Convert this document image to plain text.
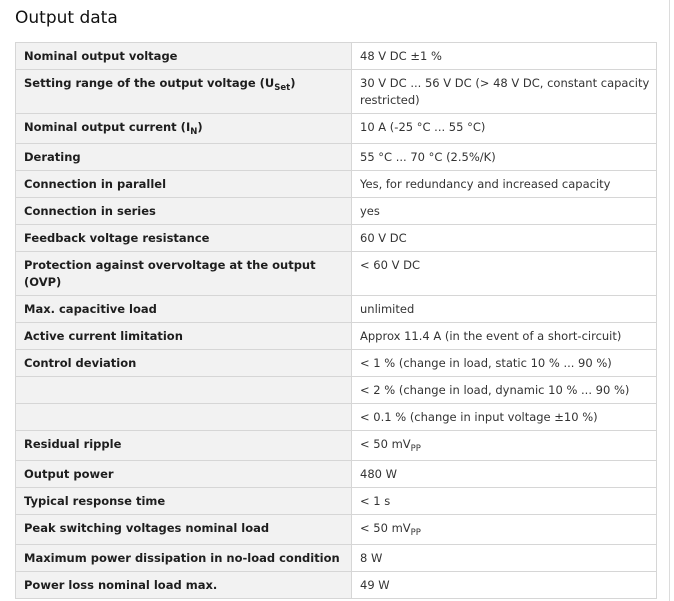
Output data
Nominal output voltage	48 V DC ±1 %
Setting range of the output voltage $(U_{Set})$	30 V DC ... 56 V DC (> 48 V DC, constant capacity restricted)
Nominal output current $(I_N)$	10 A (-25 °C ... 55 °C)
Derating	55 °C ... 70 °C (2.5%/K)
Connection in parallel	Yes, for redundancy and increased capacity
Connection in series	yes
Feedback voltage resistance	60 V DC
Protection against overvoltage at the output (OVP)	< 60 V DC
Max. capacitive load	unlimited
Active current limitation	Approx 11.4 A (in the event of a short-circuit)
Control deviation	< 1 % (change in load, static 10 % ... 90 %)
	< 2 % (change in load, dynamic 10 % ... 90 %)
	< 0.1 % (change in input voltage ±10 %)
Residual ripple	< 50 $mV_{PP}$
Output power	480 W
Typical response time	< 1 s
Peak switching voltages nominal load	< 50 $mV_{PP}$
Maximum power dissipation in no-load condition	8 W
Power loss nominal load max.	49 W
